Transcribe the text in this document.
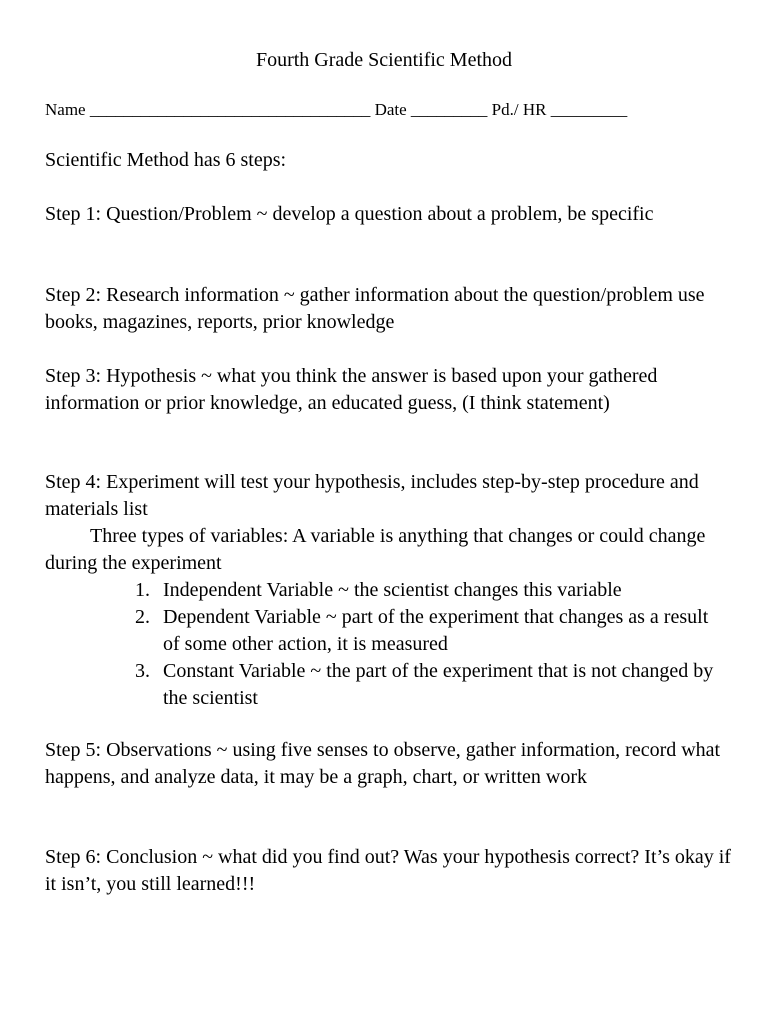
Fourth Grade Scientific Method
Name _________________________________ Date _________ Pd./ HR _________
Scientific Method has 6 steps:
Step 1: Question/Problem ~ develop a question about a problem, be specific
Step 2: Research information ~ gather information about the question/problem use books, magazines, reports, prior knowledge
Step 3: Hypothesis ~ what you think the answer is based upon your gathered information or prior knowledge, an educated guess, (I think statement)
Step 4: Experiment will test your hypothesis, includes step-by-step procedure and materials list
Three types of variables: A variable is anything that changes or could change during the experiment
1. Independent Variable ~ the scientist changes this variable
2. Dependent Variable ~ part of the experiment that changes as a result of some other action, it is measured
3. Constant Variable ~ the part of the experiment that is not changed by the scientist
Step 5: Observations ~ using five senses to observe, gather information, record what happens, and analyze data, it may be a graph, chart, or written work
Step 6: Conclusion ~ what did you find out? Was your hypothesis correct? It’s okay if it isn’t, you still learned!!!
